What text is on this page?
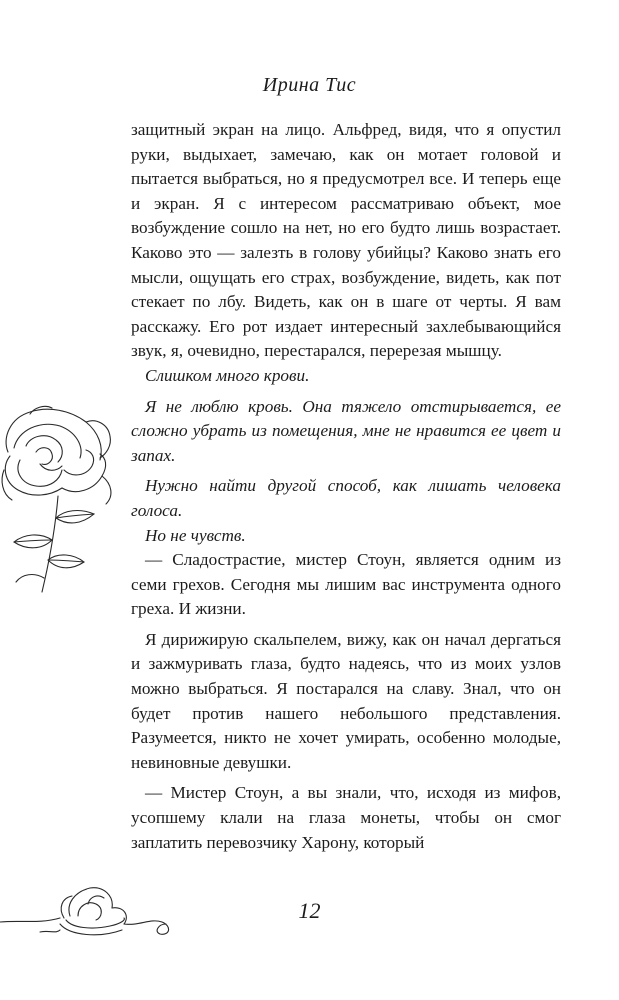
Ирина Тис

защитный экран на лицо. Альфред, видя, что я опустил руки, выдыхает, замечаю, как он мотает головой и пытается выбраться, но я предусмотрел все. И теперь еще и экран. Я с интересом рассматриваю объект, мое возбуждение сошло на нет, но его будто лишь возрастает. Каково это — залезть в голову убийцы? Каково знать его мысли, ощущать его страх, возбуждение, видеть, как пот стекает по лбу. Видеть, как он в шаге от черты. Я вам расскажу. Его рот издает интересный захлебывающийся звук, я, очевидно, перестарался, перерезая мышцу.

Слишком много крови.

Я не люблю кровь. Она тяжело отстирывается, ее сложно убрать из помещения, мне не нравится ее цвет и запах.

Нужно найти другой способ, как лишать человека голоса.

Но не чувств.

— Сладострастие, мистер Стоун, является одним из семи грехов. Сегодня мы лишим вас инструмента одного греха. И жизни.

Я дирижирую скальпелем, вижу, как он начал дергаться и зажмуривать глаза, будто надеясь, что из моих узлов можно выбраться. Я постарался на славу. Знал, что он будет против нашего небольшого представления. Разумеется, никто не хочет умирать, особенно молодые, невиновные девушки.

— Мистер Стоун, а вы знали, что, исходя из мифов, усопшему клали на глаза монеты, чтобы он смог заплатить перевозчику Харону, который

12
